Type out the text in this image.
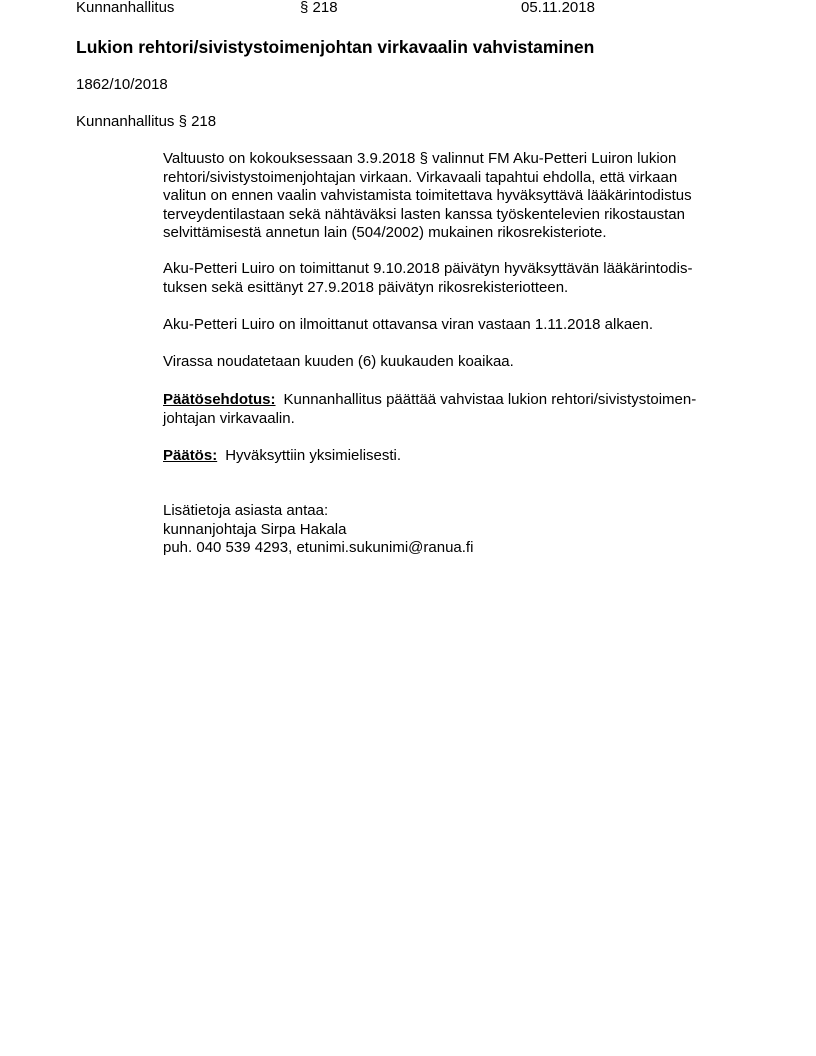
Kunnanhallitus	§ 218	05.11.2018
Lukion rehtori/sivistystoimenjohtan virkavaalin vahvistaminen
1862/10/2018
Kunnanhallitus § 218
Valtuusto on kokouksessaan 3.9.2018 § valinnut FM Aku-Petteri Luiron lukion
rehtori/sivistystoimenjohtajan virkaan. Virkavaali tapahtui ehdolla, että virkaan
valitun on ennen vaalin vahvistamista toimitettava hyväksyttävä lääkärintodistus
terveydentilastaan sekä nähtäväksi lasten kanssa työskentelevien rikostaustan
selvittämisestä annetun lain (504/2002) mukainen rikosrekisteriote.
Aku-Petteri Luiro on toimittanut 9.10.2018 päivätyn hyväksyttävän lääkärintodis-
tuksen sekä esittänyt 27.9.2018 päivätyn rikosrekisteriotteen.
Aku-Petteri Luiro on ilmoittanut ottavansa viran vastaan 1.11.2018 alkaen.
Virassa noudatetaan kuuden (6) kuukauden koaikaa.
Päätösehdotus: Kunnanhallitus päättää vahvistaa lukion rehtori/sivistystoimen-
johtajan virkavaalin.
Päätös: Hyväksyttiin yksimielisesti.
Lisätietoja asiasta antaa:
kunnanjohtaja Sirpa Hakala
puh. 040 539 4293, etunimi.sukunimi@ranua.fi
